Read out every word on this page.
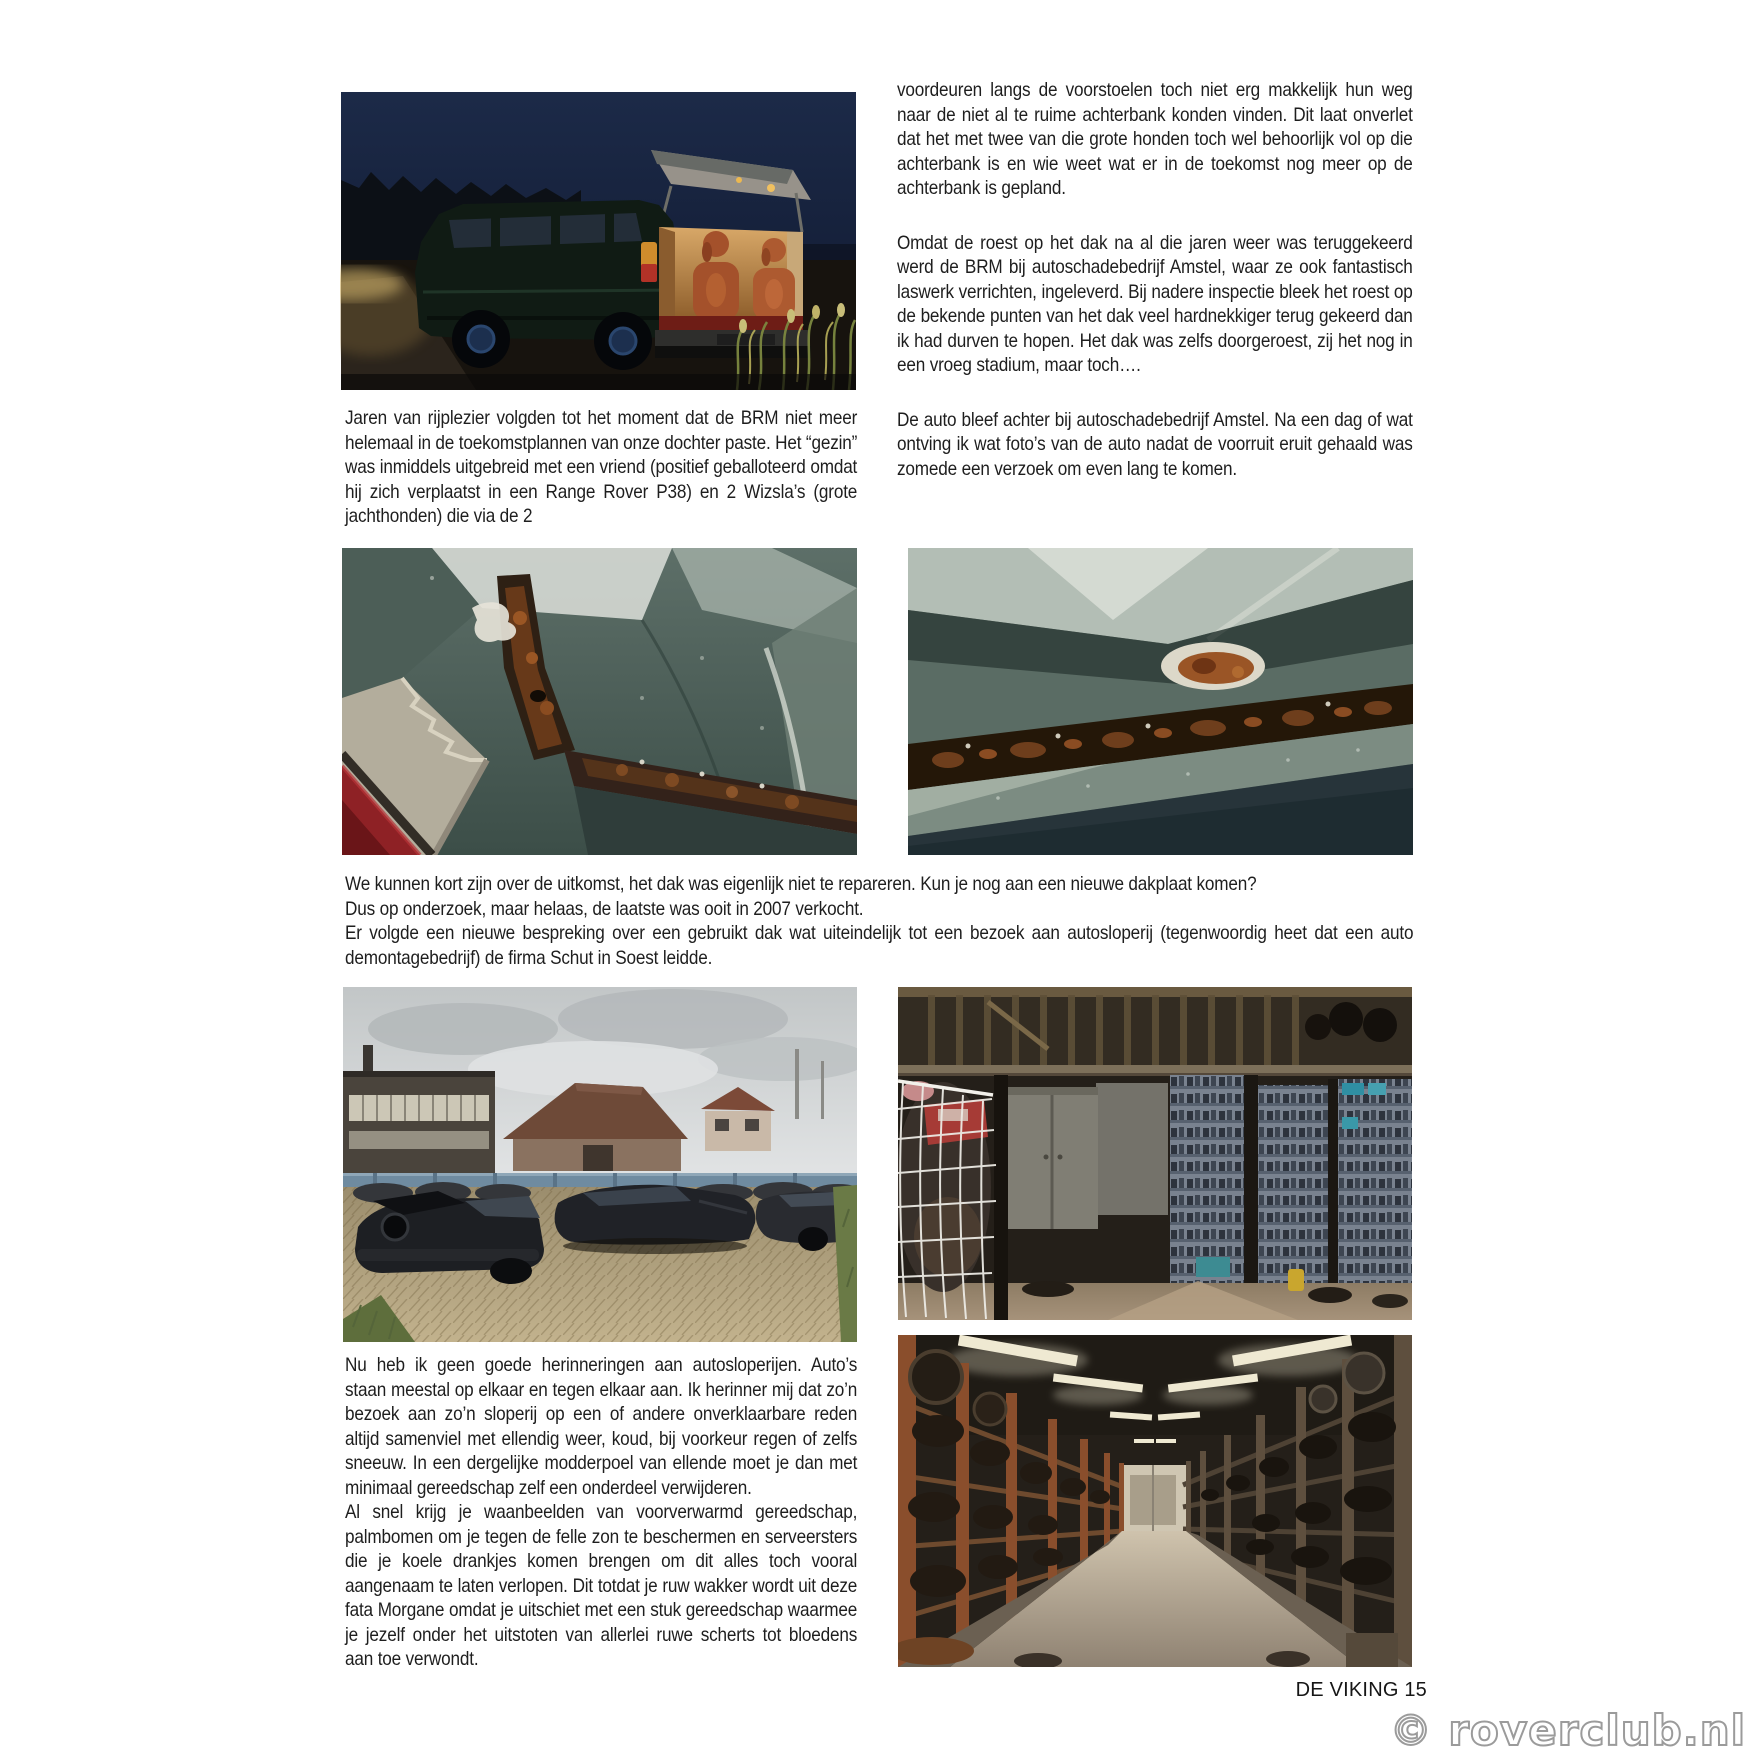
voordeuren langs de voorstoelen toch niet erg makkelijk hun weg naar de niet al te ruime achterbank konden vinden. Dit laat onverlet dat het met twee van die grote honden toch wel behoorlijk vol op die achterbank is en wie weet wat er in de toekomst nog meer op de achterbank is gepland.

Omdat de roest op het dak na al die jaren weer was teruggekeerd werd de BRM bij autoschadebedrijf Amstel, waar ze ook fantastisch laswerk verrichten, ingeleverd. Bij nadere inspectie bleek het roest op de bekende punten van het dak veel hardnekkiger terug gekeerd dan ik had durven te hopen. Het dak was zelfs doorgeroest, zij het nog in een vroeg stadium, maar toch….

De auto bleef achter bij autoschadebedrijf Amstel. Na een dag of wat ontving ik wat foto’s van de auto nadat de voorruit eruit gehaald was zomede een verzoek om even lang te komen.

Jaren van rijplezier volgden tot het moment dat de BRM niet meer helemaal in de toekomstplannen van onze dochter paste. Het “gezin” was inmiddels uitgebreid met een vriend (positief geballoteerd omdat hij zich verplaatst in een Range Rover P38) en 2 Wizsla’s (grote jachthonden) die via de 2

We kunnen kort zijn over de uitkomst, het dak was eigenlijk niet te repareren. Kun je nog aan een nieuwe dakplaat komen?

Dus op onderzoek, maar helaas, de laatste was ooit in 2007 verkocht.

Er volgde een nieuwe bespreking over een gebruikt dak wat uiteindelijk tot een bezoek aan autosloperij (tegenwoordig heet dat een auto demontagebedrijf) de firma Schut in Soest leidde.

Nu heb ik geen goede herinneringen aan autosloperijen. Auto’s staan meestal op elkaar en tegen elkaar aan. Ik herinner mij dat zo’n bezoek aan zo’n sloperij op een of andere onverklaarbare reden altijd samenviel met ellendig weer, koud, bij voorkeur regen of zelfs sneeuw. In een dergelijke modderpoel van ellende moet je dan met minimaal gereedschap zelf een onderdeel verwijderen.

Al snel krijg je waanbeelden van voorverwarmd gereedschap, palmbomen om je tegen de felle zon te beschermen en serveersters die je koele drankjes komen brengen om dit alles toch vooral aangenaam te laten verlopen. Dit totdat je ruw wakker wordt uit deze fata Morgane omdat je uitschiet met een stuk gereedschap waarmee je jezelf onder het uitstoten van allerlei ruwe scherts tot bloedens aan toe verwondt.

DE VIKING 15
© roverclub.nl
